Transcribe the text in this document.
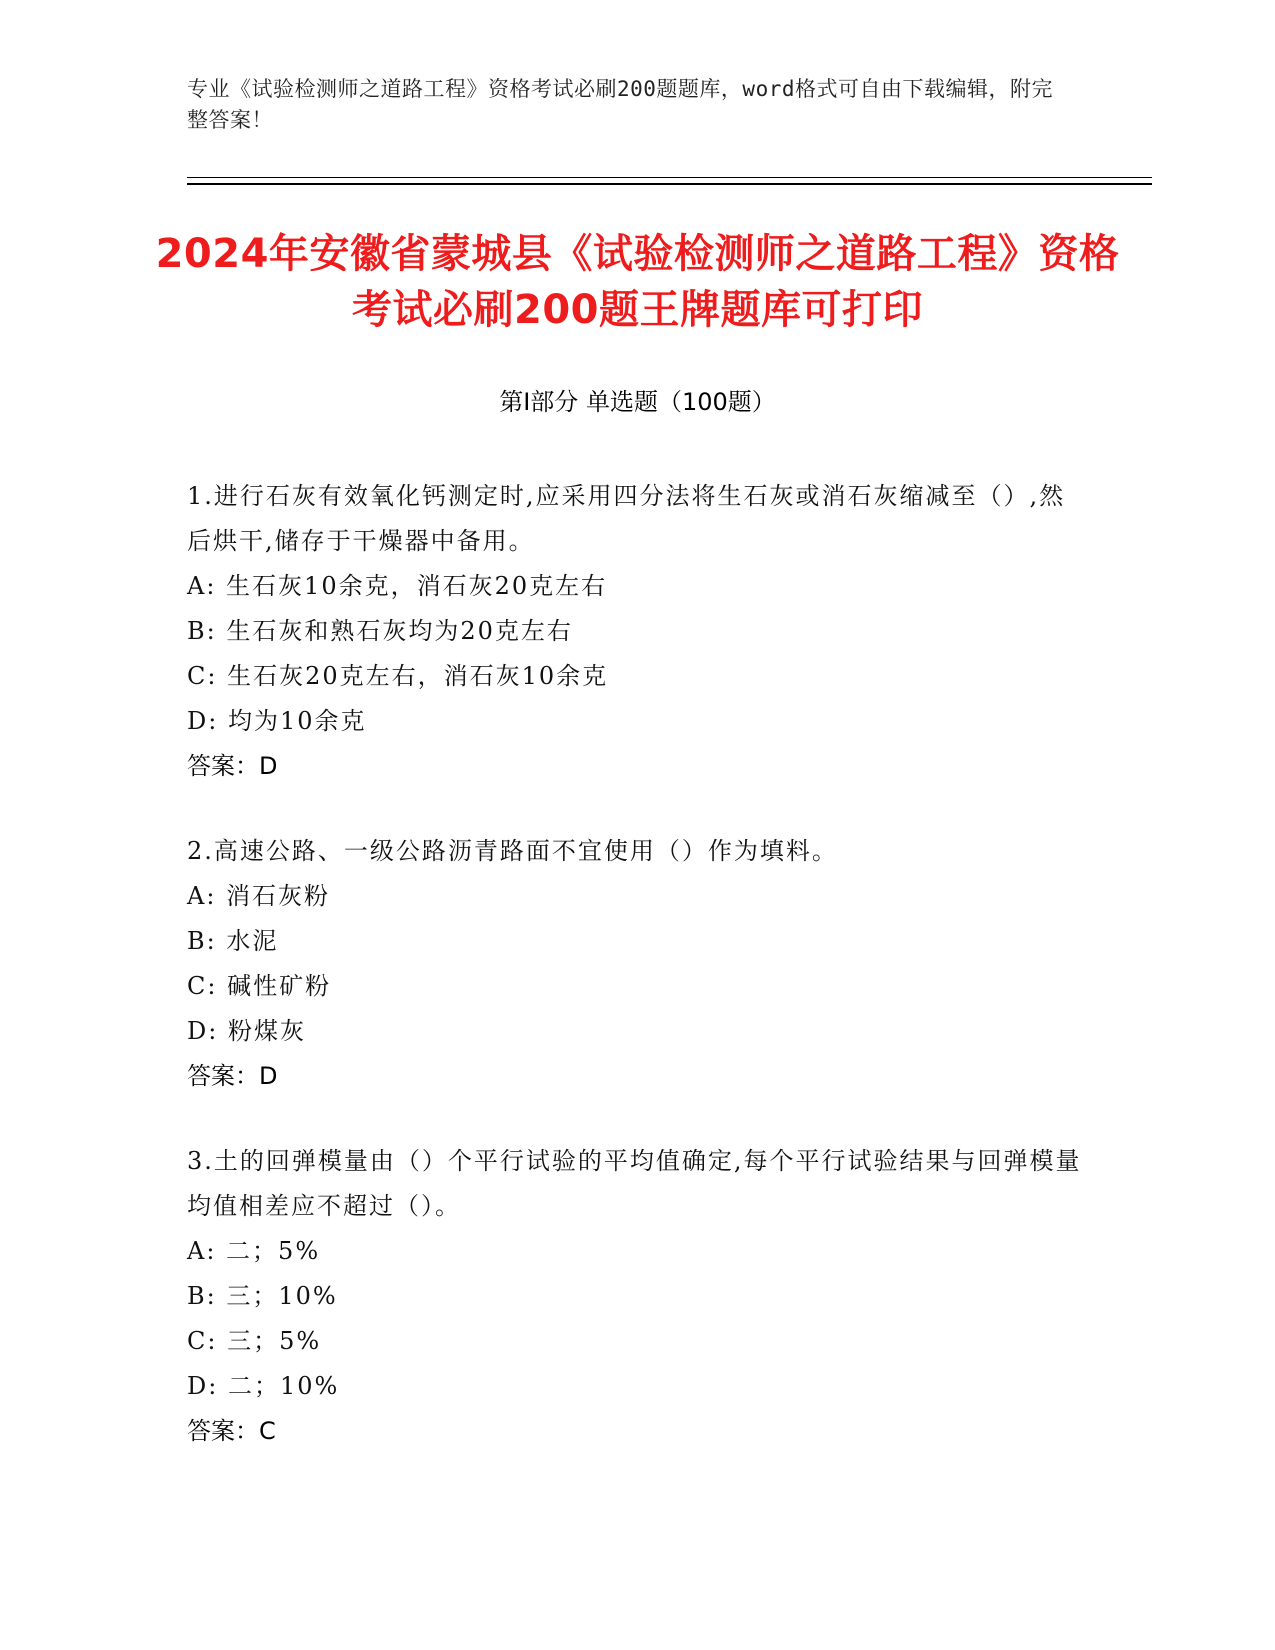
专业《试验检测师之道路工程》资格考试必刷200题题库，word格式可自由下载编辑，附完整答案！
2024年安徽省蒙城县《试验检测师之道路工程》资格考试必刷200题王牌题库可打印
第Ⅰ部分 单选题（100题）
1.进行石灰有效氧化钙测定时,应采用四分法将生石灰或消石灰缩减至（）,然后烘干,储存于干燥器中备用。
A: 生石灰10余克，消石灰20克左右
B: 生石灰和熟石灰均为20克左右
C: 生石灰20克左右，消石灰10余克
D: 均为10余克
答案：D
2.高速公路、一级公路沥青路面不宜使用（）作为填料。
A: 消石灰粉
B: 水泥
C: 碱性矿粉
D: 粉煤灰
答案：D
3.土的回弹模量由（）个平行试验的平均值确定,每个平行试验结果与回弹模量均值相差应不超过（）。
A: 二；5%
B: 三；10%
C: 三；5%
D: 二；10%
答案：C
